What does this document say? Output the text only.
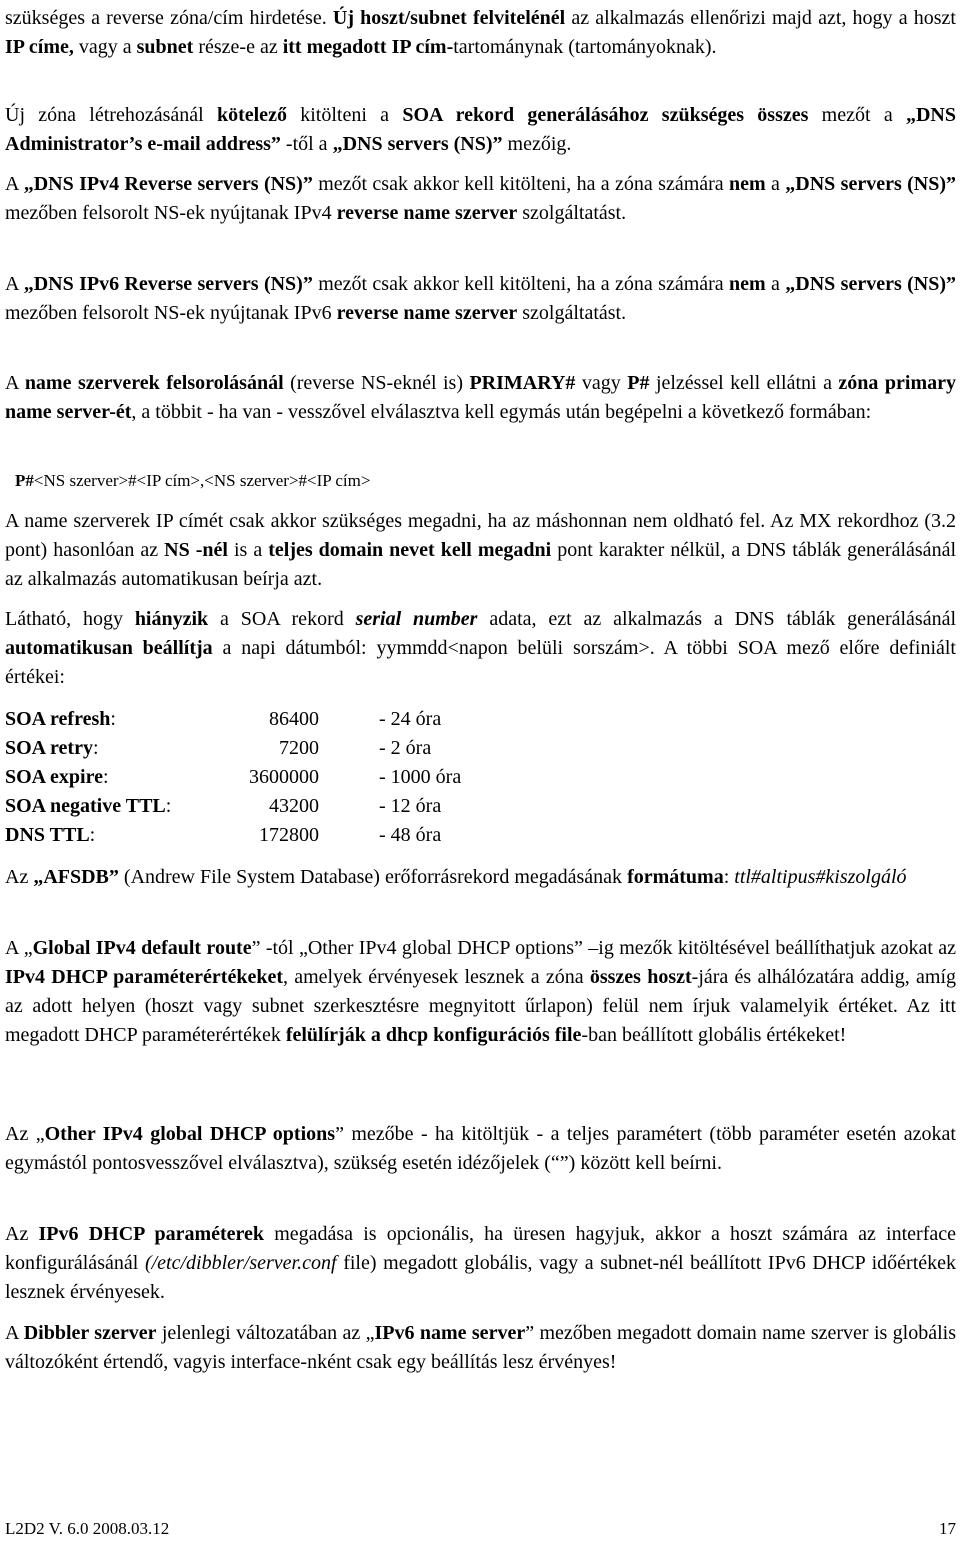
szükséges a reverse zóna/cím hirdetése. Új hoszt/subnet felvitelénél az alkalmazás ellenőrizi majd azt, hogy a hoszt IP címe, vagy a subnet része-e az itt megadott IP cím-tartománynak (tartományoknak).

Új zóna létrehozásánál kötelező kitölteni a SOA rekord generálásához szükséges összes mezőt a „DNS Administrator’s e-mail address” -től a „DNS servers (NS)” mezőig.

A „DNS IPv4 Reverse servers (NS)” mezőt csak akkor kell kitölteni, ha a zóna számára nem a „DNS servers (NS)” mezőben felsorolt NS-ek nyújtanak IPv4 reverse name szerver szolgáltatást.

A „DNS IPv6 Reverse servers (NS)” mezőt csak akkor kell kitölteni, ha a zóna számára nem a „DNS servers (NS)” mezőben felsorolt NS-ek nyújtanak IPv6 reverse name szerver szolgáltatást.

A name szerverek felsorolásánál (reverse NS-eknél is) PRIMARY# vagy P# jelzéssel kell ellátni a zóna primary name server-ét, a többit - ha van - vesszővel elválasztva kell egymás után begépelni a következő formában:

P#<NS szerver>#<IP cím>,<NS szerver>#<IP cím>

A name szerverek IP címét csak akkor szükséges megadni, ha az máshonnan nem oldható fel. Az MX rekordhoz (3.2 pont) hasonlóan az NS -nél is a teljes domain nevet kell megadni pont karakter nélkül, a DNS táblák generálásánál az alkalmazás automatikusan beírja azt.

Látható, hogy hiányzik a SOA rekord serial number adata, ezt az alkalmazás a DNS táblák generálásánál automatikusan beállítja a napi dátumból: yymmdd<napon belüli sorszám>. A többi SOA mező előre definiált értékei:

SOA refresh:	86400		- 24 óra
SOA retry:	7200		- 2 óra
SOA expire:	3600000		- 1000 óra
SOA negative TTL:	43200		- 12 óra
DNS TTL:	172800		- 48 óra

Az „AFSDB” (Andrew File System Database) erőforrásrekord megadásának formátuma: ttl#altipus#kiszolgáló

A „Global IPv4 default route” -tól „Other IPv4 global DHCP options” –ig mezők kitöltésével beállíthatjuk azokat az IPv4 DHCP paraméterértékeket, amelyek érvényesek lesznek a zóna összes hoszt-jára és alhálózatára addig, amíg az adott helyen (hoszt vagy subnet szerkesztésre megnyitott űrlapon) felül nem írjuk valamelyik értéket. Az itt megadott DHCP paraméterértékek felülírják a dhcp konfigurációs file-ban beállított globális értékeket!

Az „Other IPv4 global DHCP options” mezőbe - ha kitöltjük - a teljes paramétert (több paraméter esetén azokat egymástól pontosvesszővel elválasztva), szükség esetén idézőjelek (“”) között kell beírni.

Az IPv6 DHCP paraméterek megadása is opcionális, ha üresen hagyjuk, akkor a hoszt számára az interface konfigurálásánál (/etc/dibbler/server.conf file) megadott globális, vagy a subnet-nél beállított IPv6 DHCP időértékek lesznek érvényesek.

A Dibbler szerver jelenlegi változatában az „IPv6 name server” mezőben megadott domain name szerver is globális változóként értendő, vagyis interface-nként csak egy beállítás lesz érvényes!

L2D2 V. 6.0 2008.03.12	17
